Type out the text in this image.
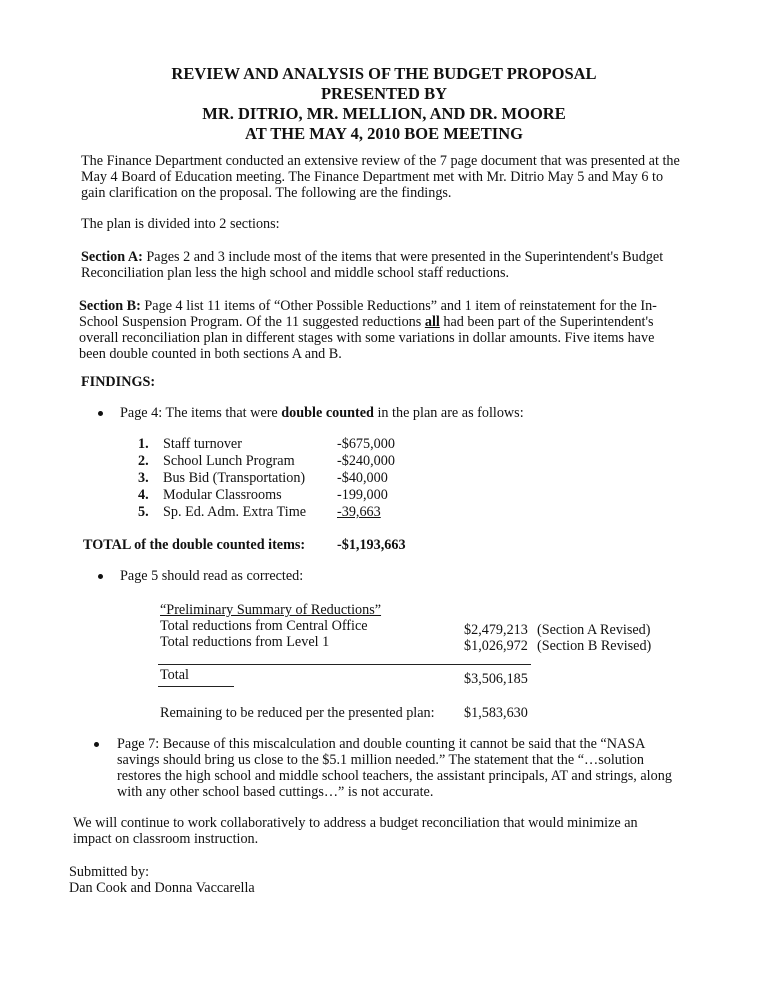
REVIEW AND ANALYSIS OF THE BUDGET PROPOSAL
PRESENTED BY
MR. DITRIO, MR. MELLION, AND DR. MOORE
AT THE MAY 4, 2010 BOE MEETING
The Finance Department conducted an extensive review of the 7 page document that was presented at the
May 4 Board of Education meeting. The Finance Department met with Mr. Ditrio May 5 and May 6 to
gain clarification on the proposal. The following are the findings.
The plan is divided into 2 sections:
Section A: Pages 2 and 3 include most of the items that were presented in the Superintendent's Budget
Reconciliation plan less the high school and middle school staff reductions.
Section B: Page 4 list 11 items of “Other Possible Reductions” and 1 item of reinstatement for the In-
School Suspension Program. Of the 11 suggested reductions all had been part of the Superintendent's
overall reconciliation plan in different stages with some variations in dollar amounts. Five items have
been double counted in both sections A and B.
FINDINGS:
Page 4: The items that were double counted in the plan are as follows:
1. Staff turnover	-$675,000
2. School Lunch Program	-$240,000
3. Bus Bid (Transportation) -$40,000
4. Modular Classrooms	-199,000
5. Sp. Ed. Adm. Extra Time -39,663
TOTAL of the double counted items: -$1,193,663
Page 5 should read as corrected:
“Preliminary Summary of Reductions”
Total reductions from Central Office	$2,479,213 (Section A Revised)
Total reductions from Level 1	$1,026,972 (Section B Revised)
Total	$3,506,185
Remaining to be reduced per the presented plan: $1,583,630
Page 7: Because of this miscalculation and double counting it cannot be said that the “NASA
savings should bring us close to the $5.1 million needed.” The statement that the “…solution
restores the high school and middle school teachers, the assistant principals, AT and strings, along
with any other school based cuttings…” is not accurate.
We will continue to work collaboratively to address a budget reconciliation that would minimize an
impact on classroom instruction.
Submitted by:
Dan Cook and Donna Vaccarella
